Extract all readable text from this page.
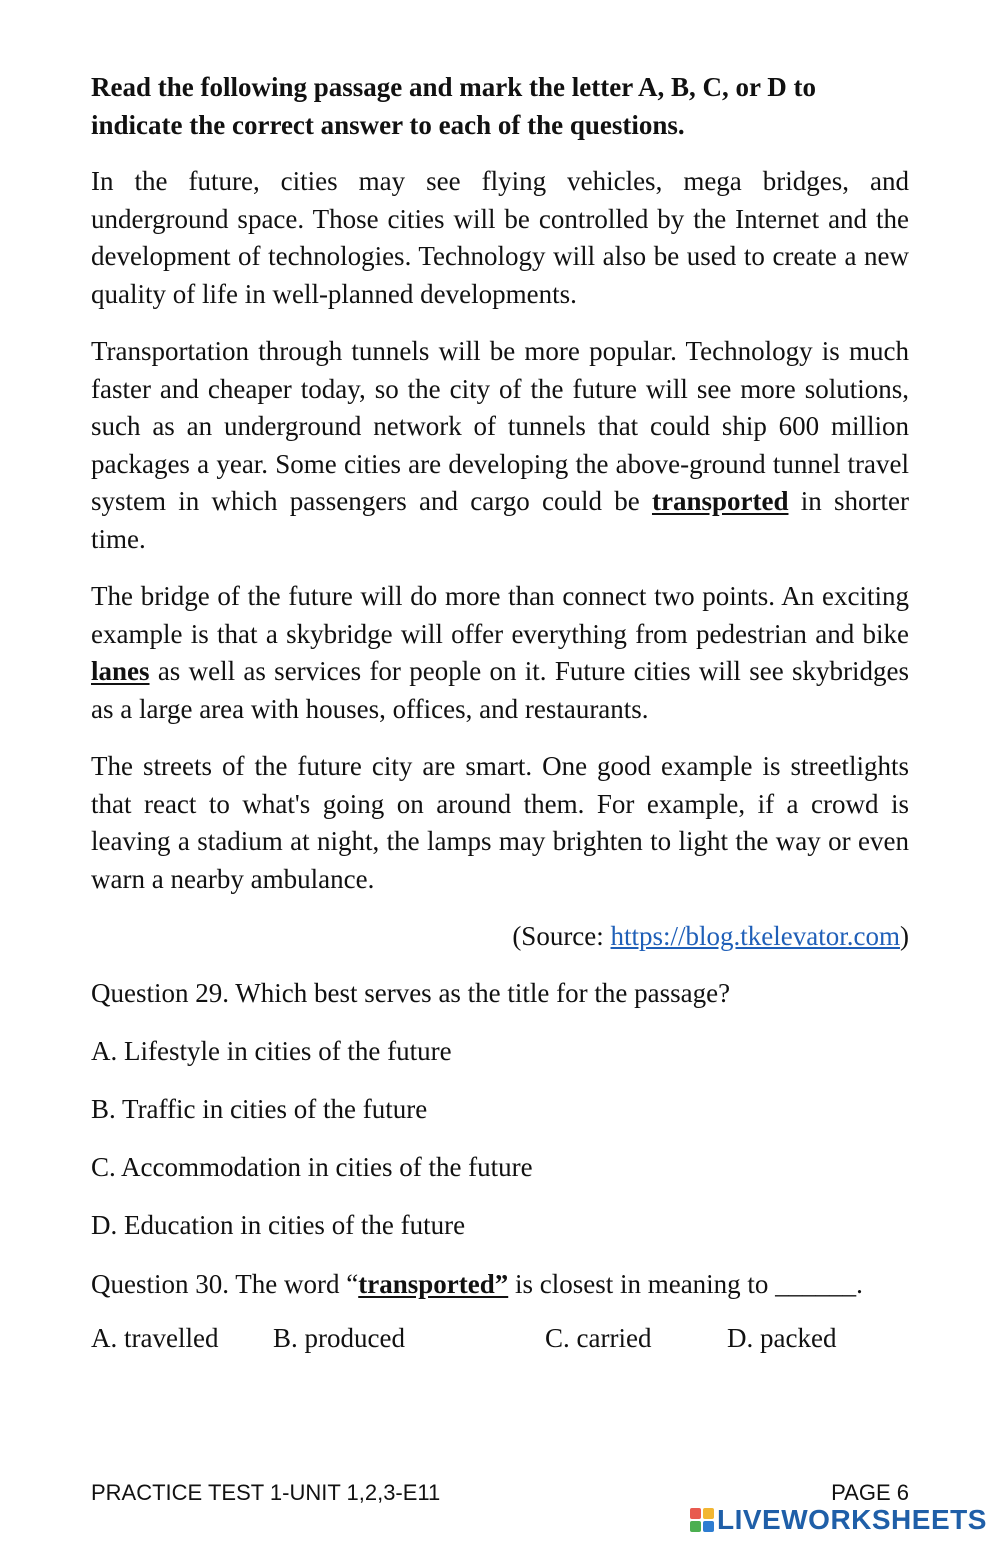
Read the following passage and mark the letter A, B, C, or D to indicate the correct answer to each of the questions.

In the future, cities may see flying vehicles, mega bridges, and underground space. Those cities will be controlled by the Internet and the development of technologies. Technology will also be used to create a new quality of life in well-planned developments.

Transportation through tunnels will be more popular. Technology is much faster and cheaper today, so the city of the future will see more solutions, such as an underground network of tunnels that could ship 600 million packages a year. Some cities are developing the above-ground tunnel travel system in which passengers and cargo could be transported in shorter time.

The bridge of the future will do more than connect two points. An exciting example is that a skybridge will offer everything from pedestrian and bike lanes as well as services for people on it. Future cities will see skybridges as a large area with houses, offices, and restaurants.

The streets of the future city are smart. One good example is streetlights that react to what's going on around them. For example, if a crowd is leaving a stadium at night, the lamps may brighten to light the way or even warn a nearby ambulance.

(Source: https://blog.tkelevator.com)

Question 29. Which best serves as the title for the passage?

A. Lifestyle in cities of the future

B. Traffic in cities of the future

C. Accommodation in cities of the future

D. Education in cities of the future

Question 30. The word “transported” is closest in meaning to ______.

A. travelled B. produced	C. carried	D. packed
PRACTICE TEST 1-UNIT 1,2,3-E11	PAGE 6
LIVEWORKSHEETS
